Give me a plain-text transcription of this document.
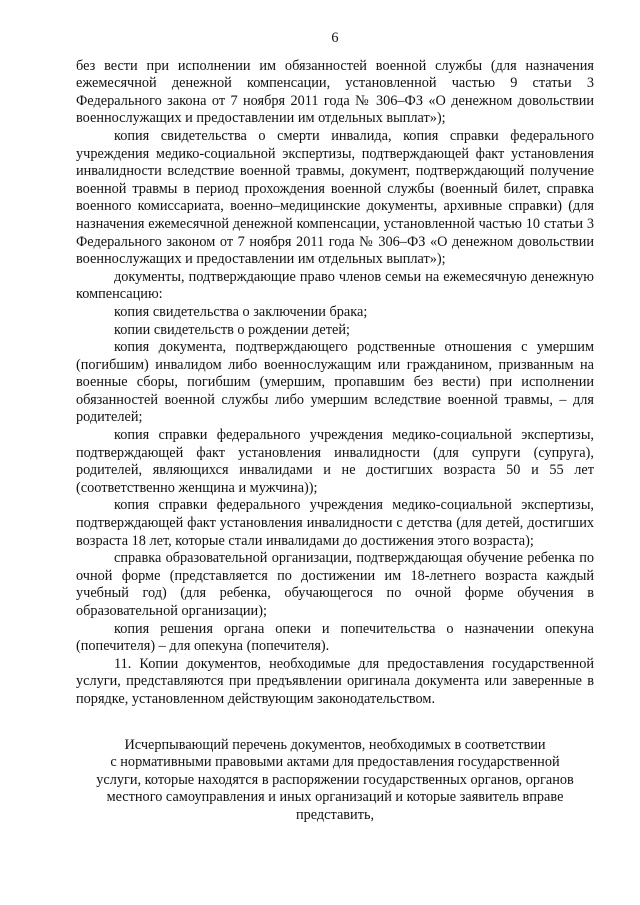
6

без вести при исполнении им обязанностей военной службы (для назначения ежемесячной денежной компенсации, установленной частью 9 статьи 3 Федерального закона от 7 ноября 2011 года № 306–ФЗ «О денежном довольствии военнослужащих и предоставлении им отдельных выплат»);

копия свидетельства о смерти инвалида, копия справки федерального учреждения медико-социальной экспертизы, подтверждающей факт установления инвалидности вследствие военной травмы, документ, подтверждающий получение военной травмы в период прохождения военной службы (военный билет, справка военного комиссариата, военно–медицинские документы, архивные справки) (для назначения ежемесячной денежной компенсации, установленной частью 10 статьи 3 Федерального законом от 7 ноября 2011 года № 306–ФЗ «О денежном довольствии военнослужащих и предоставлении им отдельных выплат»);

документы, подтверждающие право членов семьи на ежемесячную денежную компенсацию:

копия свидетельства о заключении брака;

копии свидетельств о рождении детей;

копия документа, подтверждающего родственные отношения с умершим (погибшим) инвалидом либо военнослужащим или гражданином, призванным на военные сборы, погибшим (умершим, пропавшим без вести) при исполнении обязанностей военной службы либо умершим вследствие военной травмы, – для родителей;

копия справки федерального учреждения медико-социальной экспертизы, подтверждающей факт установления инвалидности (для супруги (супруга), родителей, являющихся инвалидами и не достигших возраста 50 и 55 лет (соответственно женщина и мужчина));

копия справки федерального учреждения медико-социальной экспертизы, подтверждающей факт установления инвалидности с детства (для детей, достигших возраста 18 лет, которые стали инвалидами до достижения этого возраста);

справка образовательной организации, подтверждающая обучение ребенка по очной форме (представляется по достижении им 18-летнего возраста каждый учебный год) (для ребенка, обучающегося по очной форме обучения в образовательной организации);

копия решения органа опеки и попечительства о назначении опекуна (попечителя) – для опекуна (попечителя).

11. Копии документов, необходимые для предоставления государственной услуги, представляются при предъявлении оригинала документа или заверенные в порядке, установленном действующим законодательством.

Исчерпывающий перечень документов, необходимых в соответствии

с нормативными правовыми актами для предоставления государственной

услуги, которые находятся в распоряжении государственных органов, органов

местного самоуправления и иных организаций и которые заявитель вправе

представить,
